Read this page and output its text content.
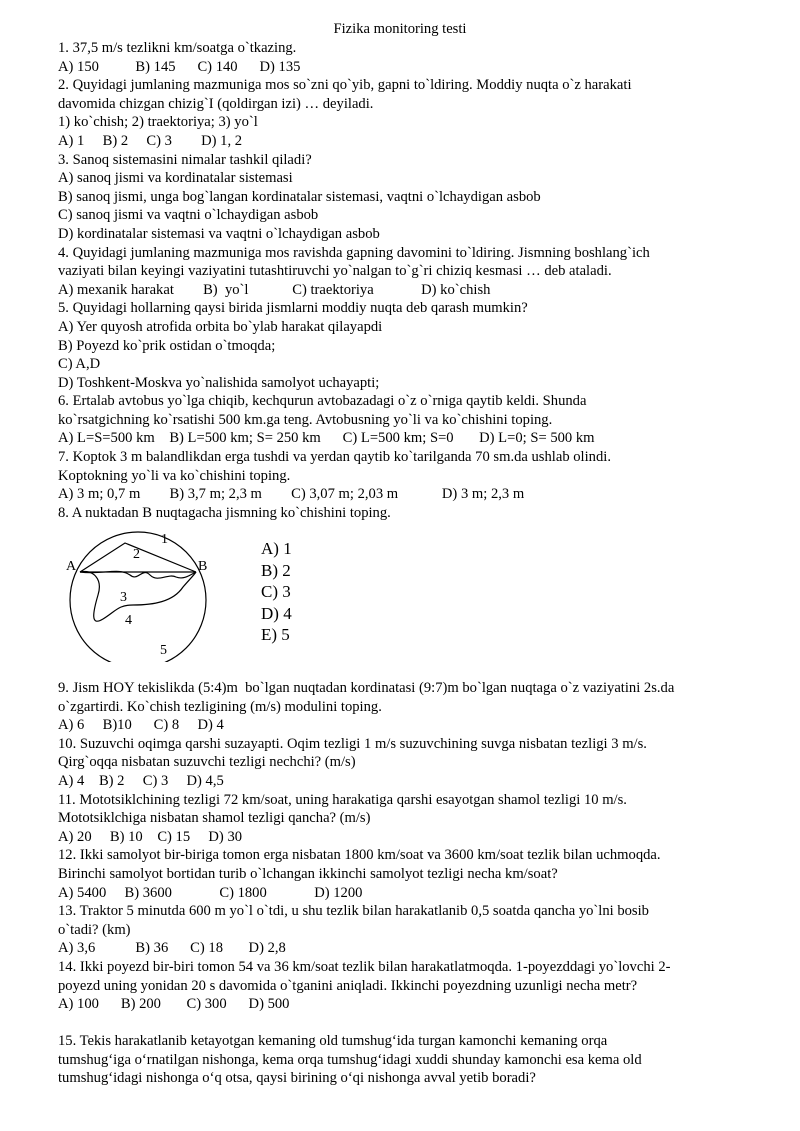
Fizika monitoring testi
1. 37,5 m/s tezlikni km/soatga o`tkazing.
A) 150          B) 145      C) 140      D) 135
2. Quyidagi jumlaning mazmuniga mos so`zni qo`yib, gapni to`ldiring. Moddiy nuqta o`z harakati
davomida chizgan chizig`I (qoldirgan izi) … deyiladi.
1) ko`chish; 2) traektoriya; 3) yo`l
A) 1     B) 2     C) 3        D) 1, 2
3. Sanoq sistemasini nimalar tashkil qiladi?
A) sanoq jismi va kordinatalar sistemasi
B) sanoq jismi, unga bog`langan kordinatalar sistemasi, vaqtni o`lchaydigan asbob
C) sanoq jismi va vaqtni o`lchaydigan asbob
D) kordinatalar sistemasi va vaqtni o`lchaydigan asbob
4. Quyidagi jumlaning mazmuniga mos ravishda gapning davomini to`ldiring. Jismning boshlang`ich
vaziyati bilan keyingi vaziyatini tutashtiruvchi yo`nalgan to`g`ri chiziq kesmasi … deb ataladi.
A) mexanik harakat        B)  yo`l            C) traektoriya             D) ko`chish
5. Quyidagi hollarning qaysi birida jismlarni moddiy nuqta deb qarash mumkin?
A) Yer quyosh atrofida orbita bo`ylab harakat qilayapdi
B) Poyezd ko`prik ostidan o`tmoqda;
C) A,D
D) Toshkent-Moskva yo`nalishida samolyot uchayapti;
6. Ertalab avtobus yo`lga chiqib, kechqurun avtobazadagi o`z o`rniga qaytib keldi. Shunda
ko`rsatgichning ko`rsatishi 500 km.ga teng. Avtobusning yo`li va ko`chishini toping.
A) L=S=500 km    B) L=500 km; S= 250 km      C) L=500 km; S=0       D) L=0; S= 500 km
7. Koptok 3 m balandlikdan erga tushdi va yerdan qaytib ko`tarilganda 70 sm.da ushlab olindi.
Koptokning yo`li va ko`chishini toping.
A) 3 m; 0,7 m        B) 3,7 m; 2,3 m        C) 3,07 m; 2,03 m            D) 3 m; 2,3 m
8. A nuktadan B nuqtagacha jismning ko`chishini toping.
A	B
1
2
3
4
5
A) 1
B) 2
C) 3
D) 4
E) 5
9. Jism HOY tekislikda (5:4)m  bo`lgan nuqtadan kordinatasi (9:7)m bo`lgan nuqtaga o`z vaziyatini 2s.da
o`zgartirdi. Ko`chish tezligining (m/s) modulini toping.
A) 6     B)10      C) 8     D) 4
10. Suzuvchi oqimga qarshi suzayapti. Oqim tezligi 1 m/s suzuvchining suvga nisbatan tezligi 3 m/s.
Qirg`oqqa nisbatan suzuvchi tezligi nechchi? (m/s)
A) 4    B) 2     C) 3     D) 4,5
11. Mototsiklchining tezligi 72 km/soat, uning harakatiga qarshi esayotgan shamol tezligi 10 m/s.
Mototsiklchiga nisbatan shamol tezligi qancha? (m/s)
A) 20     B) 10    C) 15     D) 30
12. Ikki samolyot bir-biriga tomon erga nisbatan 1800 km/soat va 3600 km/soat tezlik bilan uchmoqda.
Birinchi samolyot bortidan turib o`lchangan ikkinchi samolyot tezligi necha km/soat?
A) 5400     B) 3600             C) 1800             D) 1200
13. Traktor 5 minutda 600 m yo`l o`tdi, u shu tezlik bilan harakatlanib 0,5 soatda qancha yo`lni bosib
o`tadi? (km)
A) 3,6           B) 36      C) 18       D) 2,8
14. Ikki poyezd bir-biri tomon 54 va 36 km/soat tezlik bilan harakatlatmoqda. 1-poyezddagi yo`lovchi 2-
poyezd uning yonidan 20 s davomida o`tganini aniqladi. Ikkinchi poyezdning uzunligi necha metr?
A) 100      B) 200       C) 300      D) 500
15. Tekis harakatlanib ketayotgan kemaning old tumshug‘ida turgan kamonchi kemaning orqa
tumshug‘iga o‘rnatilgan nishonga, kema orqa tumshug‘idagi xuddi shunday kamonchi esa kema old
tumshug‘idagi nishonga o‘q otsa, qaysi birining o‘qi nishonga avval yetib boradi?
